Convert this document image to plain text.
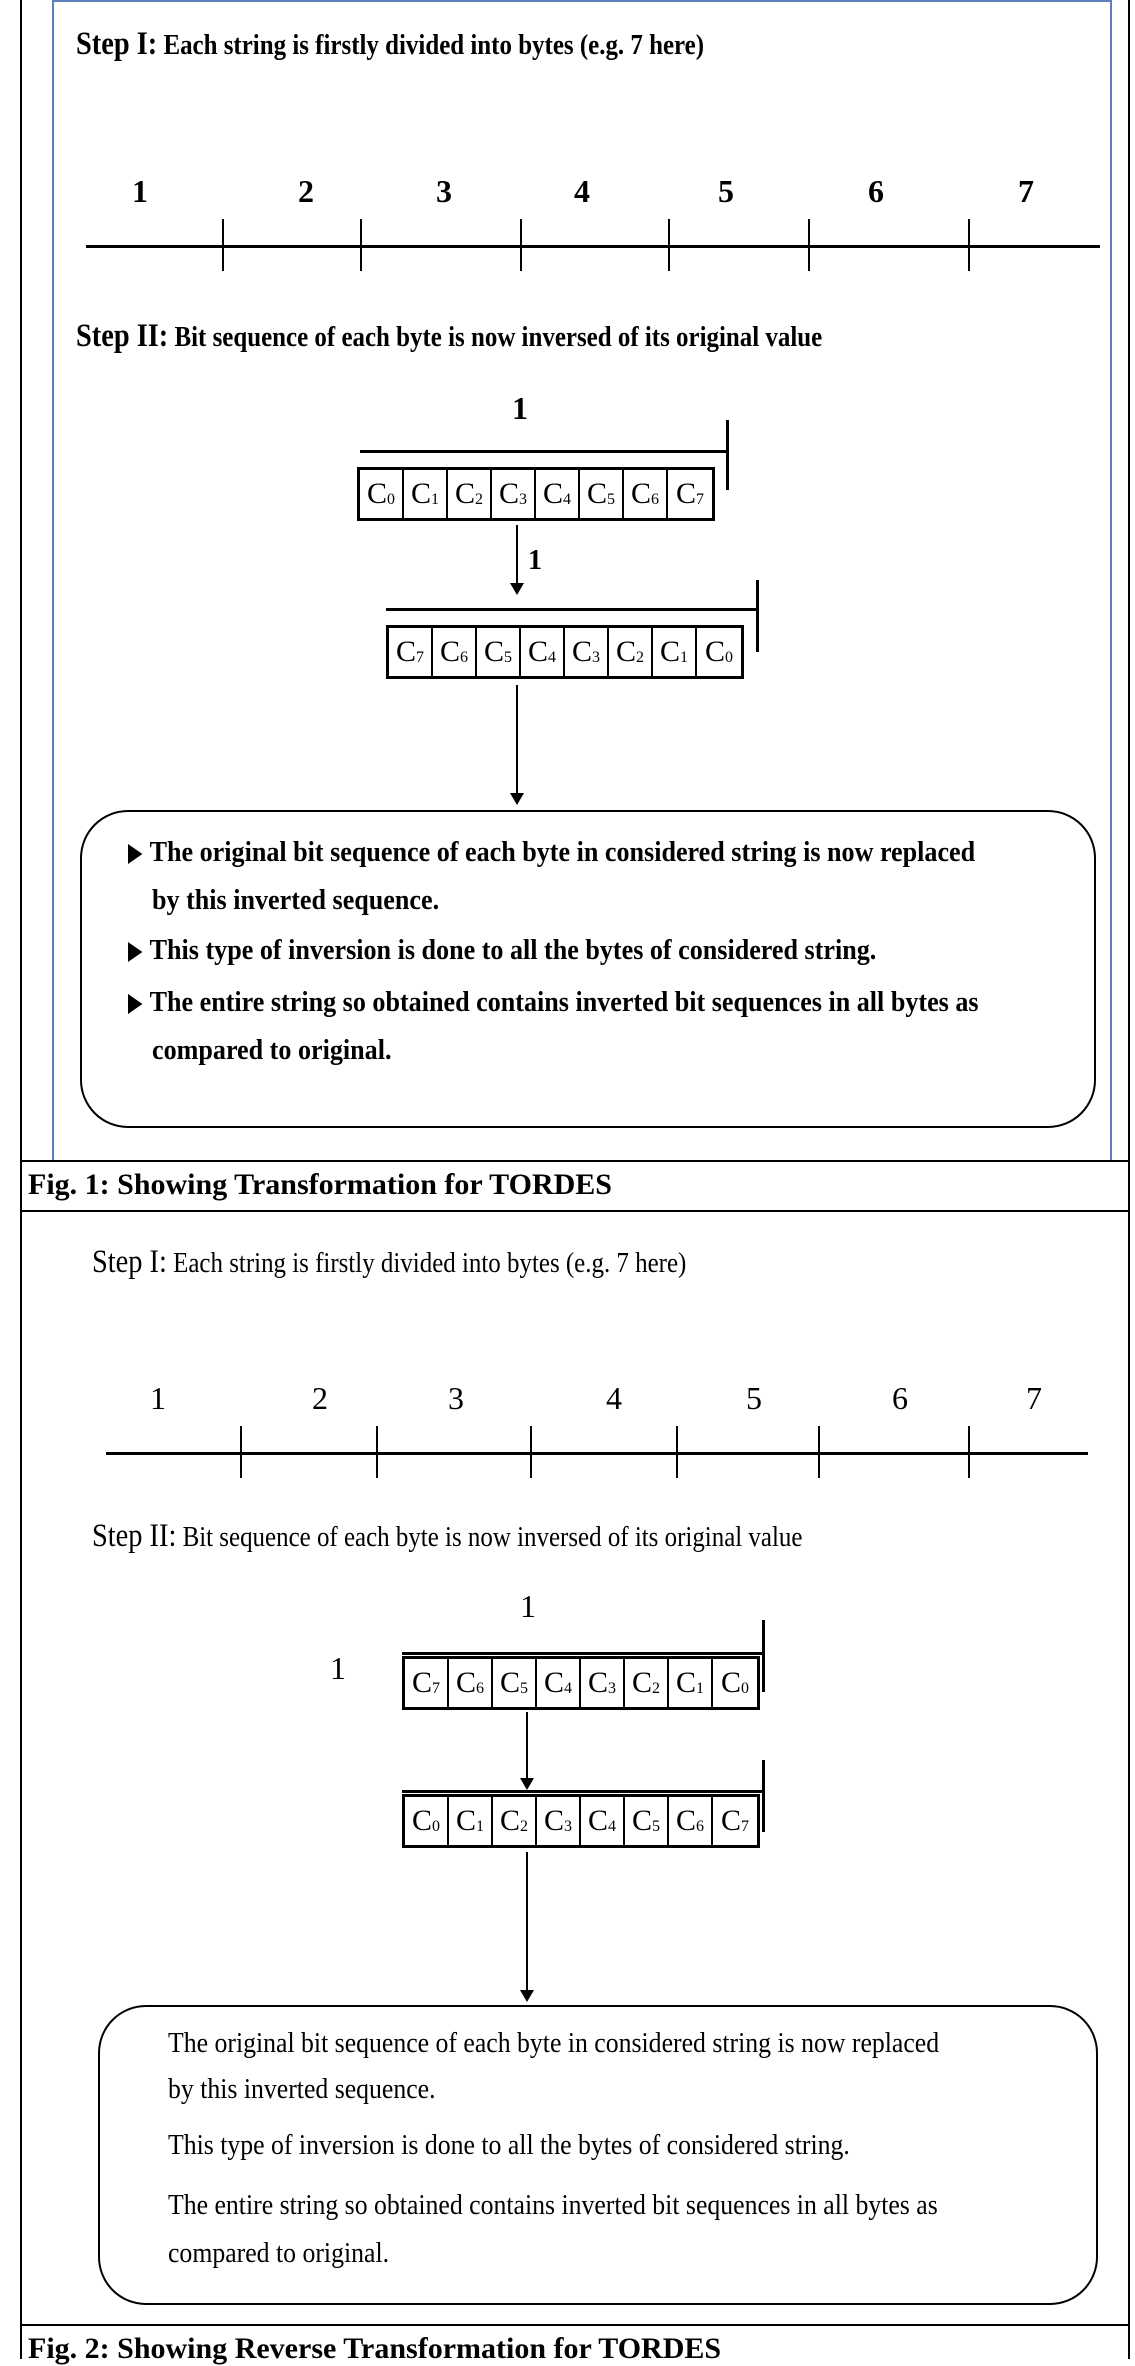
Step I: Each string is firstly divided into bytes (e.g. 7 here)
1	2	3	4	5	6	7
Step II: Bit sequence of each byte is now inversed of its original value
1
$C_0$ $C_1$ $C_2$ $C_3$ $C_4$ $C_5$ $C_6$ $C_7$
1
$C_7$ $C_6$ $C_5$ $C_4$ $C_3$ $C_2$ $C_1$ $C_0$
The original bit sequence of each byte in considered string is now replaced
by this inverted sequence.
This type of inversion is done to all the bytes of considered string.
The entire string so obtained contains inverted bit sequences in all bytes as
compared to original.
Fig. 1: Showing Transformation for TORDES
Step I: Each string is firstly divided into bytes (e.g. 7 here)
1	2	3	4	5	6	7
Step II: Bit sequence of each byte is now inversed of its original value
1
1 $C_7$ $C_6$ $C_5$ $C_4$ $C_3$ $C_2$ $C_1$ $C_0$
$C_0$ $C_1$ $C_2$ $C_3$ $C_4$ $C_5$ $C_6$ $C_7$
The original bit sequence of each byte in considered string is now replaced
by this inverted sequence.
This type of inversion is done to all the bytes of considered string.
The entire string so obtained contains inverted bit sequences in all bytes as
compared to original.
Fig. 2: Showing Reverse Transformation for TORDES
